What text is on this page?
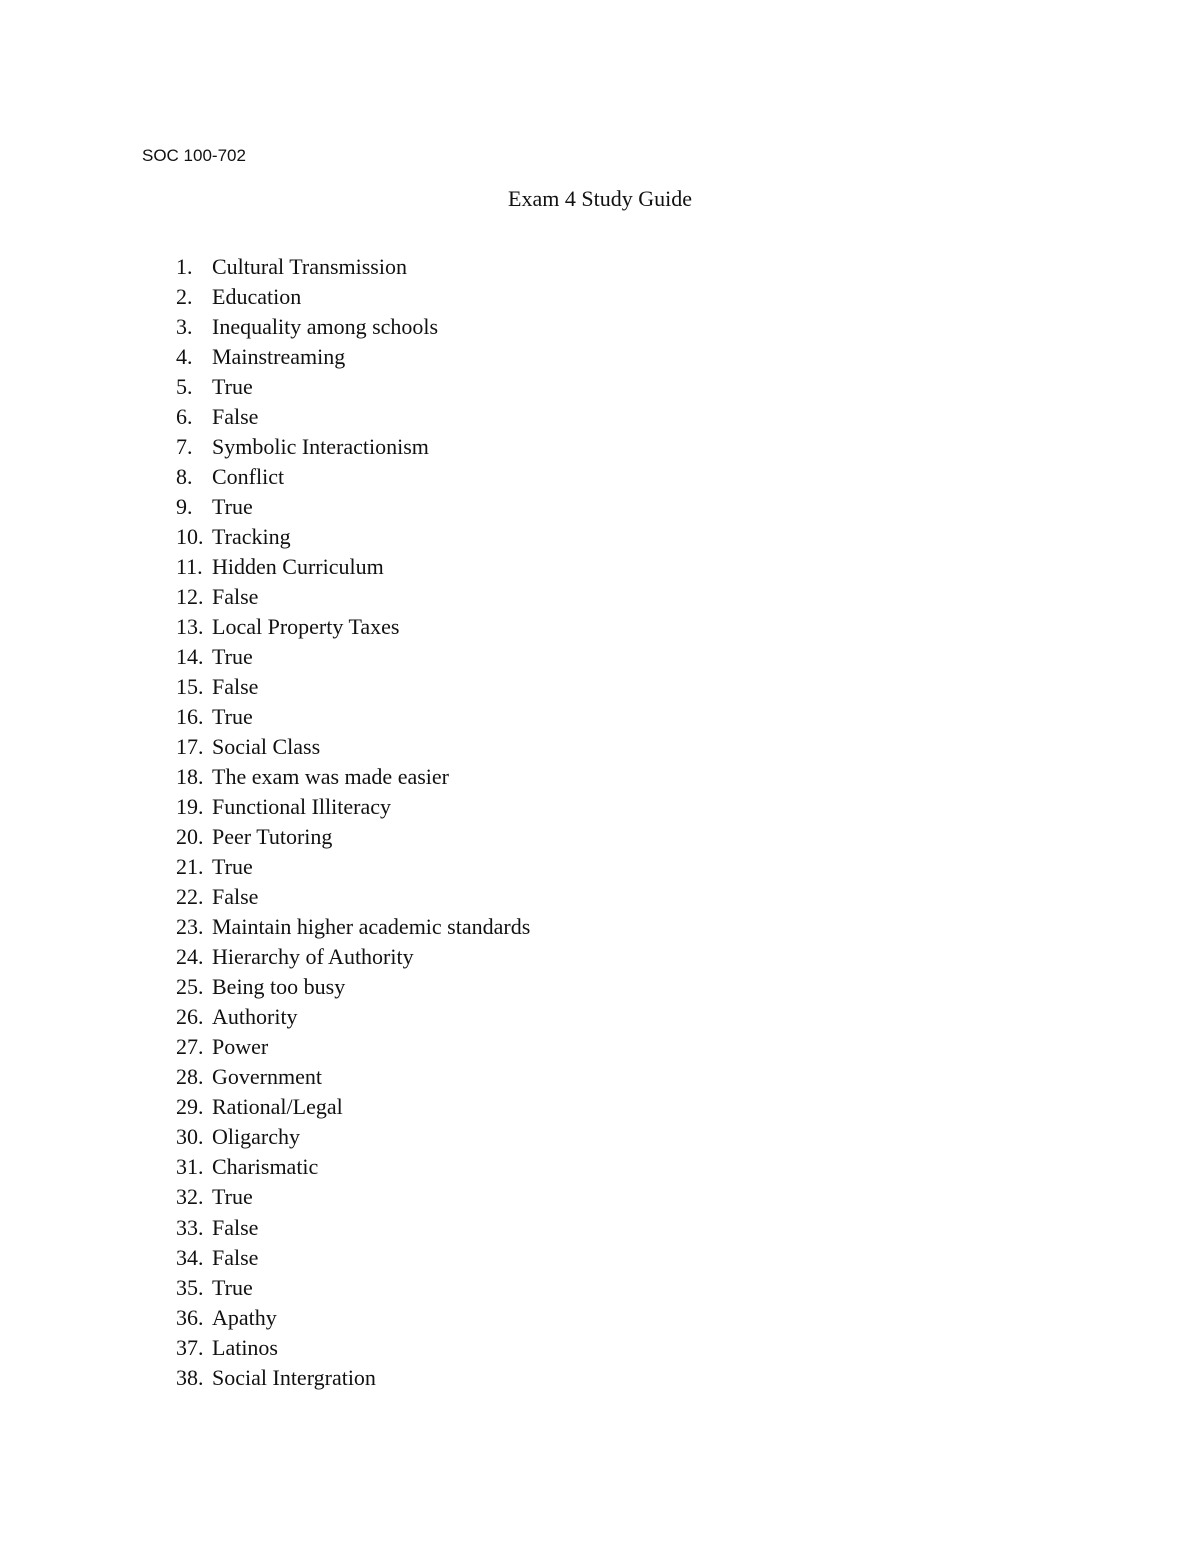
SOC 100-702

Exam 4 Study Guide
1. Cultural Transmission
2. Education
3. Inequality among schools
4. Mainstreaming
5. True
6. False
7. Symbolic Interactionism
8. Conflict
9. True
10. Tracking
11. Hidden Curriculum
12. False
13. Local Property Taxes
14. True
15. False
16. True
17. Social Class
18. The exam was made easier
19. Functional Illiteracy
20. Peer Tutoring
21. True
22. False
23. Maintain higher academic standards
24. Hierarchy of Authority
25. Being too busy
26. Authority
27. Power
28. Government
29. Rational/Legal
30. Oligarchy
31. Charismatic
32. True
33. False
34. False
35. True
36. Apathy
37. Latinos
38. Social Intergration
